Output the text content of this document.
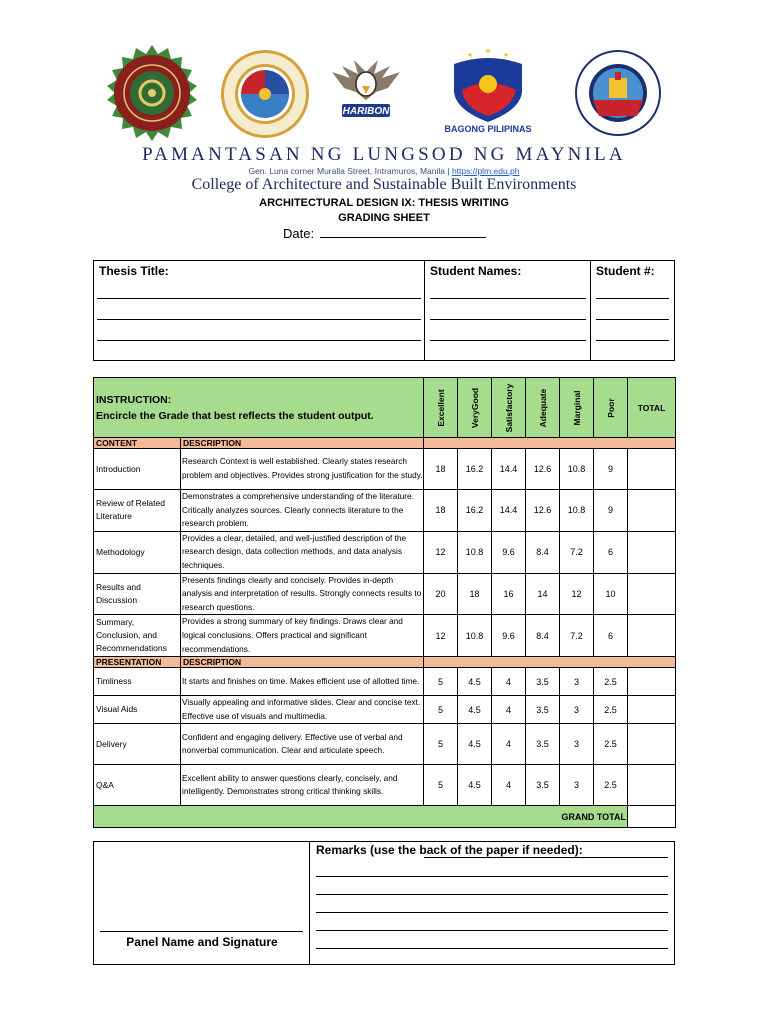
HARIBON
BAGONG PILIPINAS
PAMANTASAN NG LUNGSOD NG MAYNILA
Gen. Luna corner Muralla Street, Intramuros, Manila | https://plm.edu.ph
College of Architecture and Sustainable Built Environments
ARCHITECTURAL DESIGN IX: THESIS WRITING
GRADING SHEET
Date:
Thesis Title:	Student Names:	Student #:
INSTRUCTION:
Encircle the Grade that best reflects the student output.		Excellent	VeryGood	Satisfactory	Adequate	Marginal	Poor	TOTAL
CONTENT	DESCRIPTION							
Introduction	Research Context is well established. Clearly states research problem and objectives. Provides strong justification for the study.	18	16.2	14.4	12.6	10.8	9	
Review of Related Literature	Demonstrates a comprehensive understanding of the literature. Critically analyzes sources. Clearly connects literature to the research problem.	18	16.2	14.4	12.6	10.8	9	
Methodology	Provides a clear, detailed, and well-justified description of the research design, data collection methods, and data analysis techniques.	12	10.8	9.6	8.4	7.2	6	
Results and Discussion	Presents findings clearly and concisely. Provides in-depth analysis and interpretation of results. Strongly connects results to research questions.	20	18	16	14	12	10	
Summary, Conclusion, and Recommendations	Provides a strong summary of key findings. Draws clear and logical conclusions. Offers practical and significant recommendations.	12	10.8	9.6	8.4	7.2	6	
PRESENTATION	DESCRIPTION							
Timliness	It starts and finishes on time. Makes efficient use of allotted time.	5	4.5	4	3.5	3	2.5	
Visual Aids	Visually appealing and informative slides. Clear and concise text. Effective use of visuals and multimedia.	5	4.5	4	3.5	3	2.5	
Delivery	Confident and engaging delivery. Effective use of verbal and nonverbal communication. Clear and articulate speech.	5	4.5	4	3.5	3	2.5	
Q&A	Excellent ability to answer questions clearly, concisely, and intelligently. Demonstrates strong critical thinking skills.	5	4.5	4	3.5	3	2.5	
GRAND TOTAL								
Panel Name and Signature
Remarks (use the back of the paper if needed):
